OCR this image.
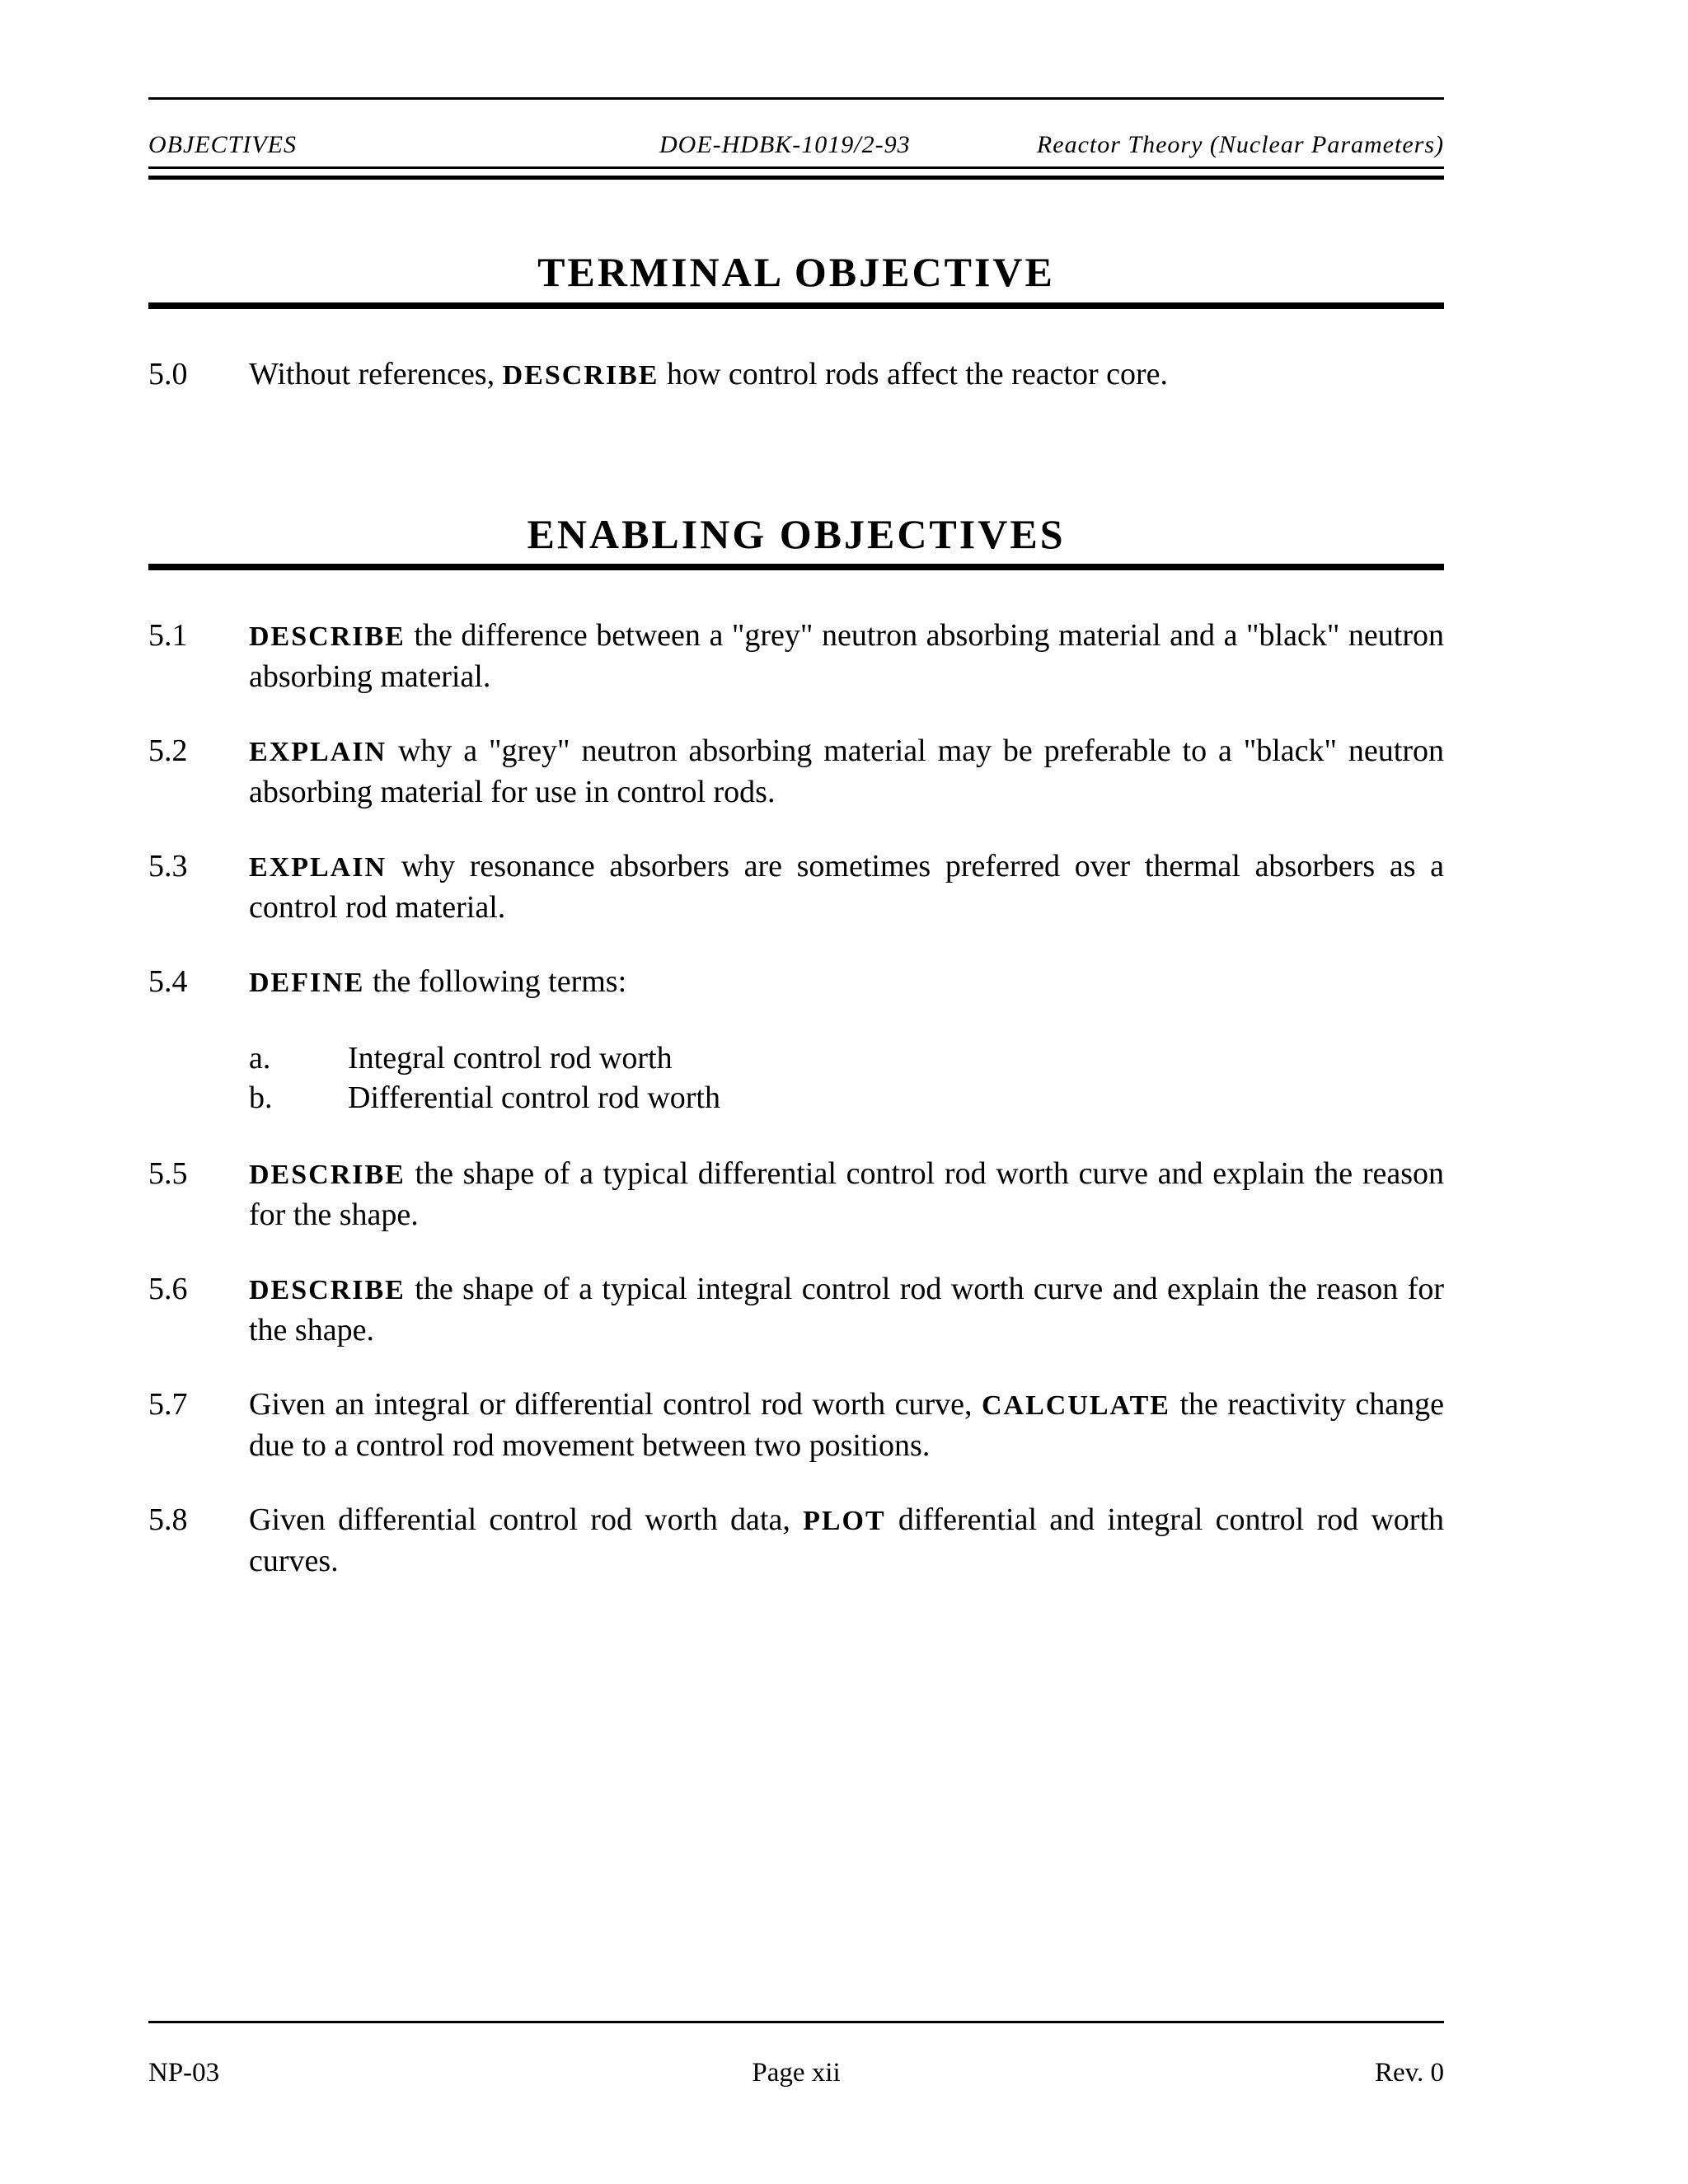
OBJECTIVES	DOE-HDBK-1019/2-93	Reactor Theory (Nuclear Parameters)
TERMINAL OBJECTIVE
5.0 Without references, DESCRIBE how control rods affect the reactor core.
ENABLING OBJECTIVES
5.1 DESCRIBE the difference between a "grey" neutron absorbing material and a "black" neutron absorbing material.
5.2 EXPLAIN why a "grey" neutron absorbing material may be preferable to a "black" neutron absorbing material for use in control rods.
5.3 EXPLAIN why resonance absorbers are sometimes preferred over thermal absorbers as a control rod material.
5.4 DEFINE the following terms:
a. Integral control rod worth
b. Differential control rod worth
5.5 DESCRIBE the shape of a typical differential control rod worth curve and explain the reason for the shape.
5.6 DESCRIBE the shape of a typical integral control rod worth curve and explain the reason for the shape.
5.7 Given an integral or differential control rod worth curve, CALCULATE the reactivity change due to a control rod movement between two positions.
5.8 Given differential control rod worth data, PLOT differential and integral control rod worth curves.
NP-03	Page xii	Rev. 0
